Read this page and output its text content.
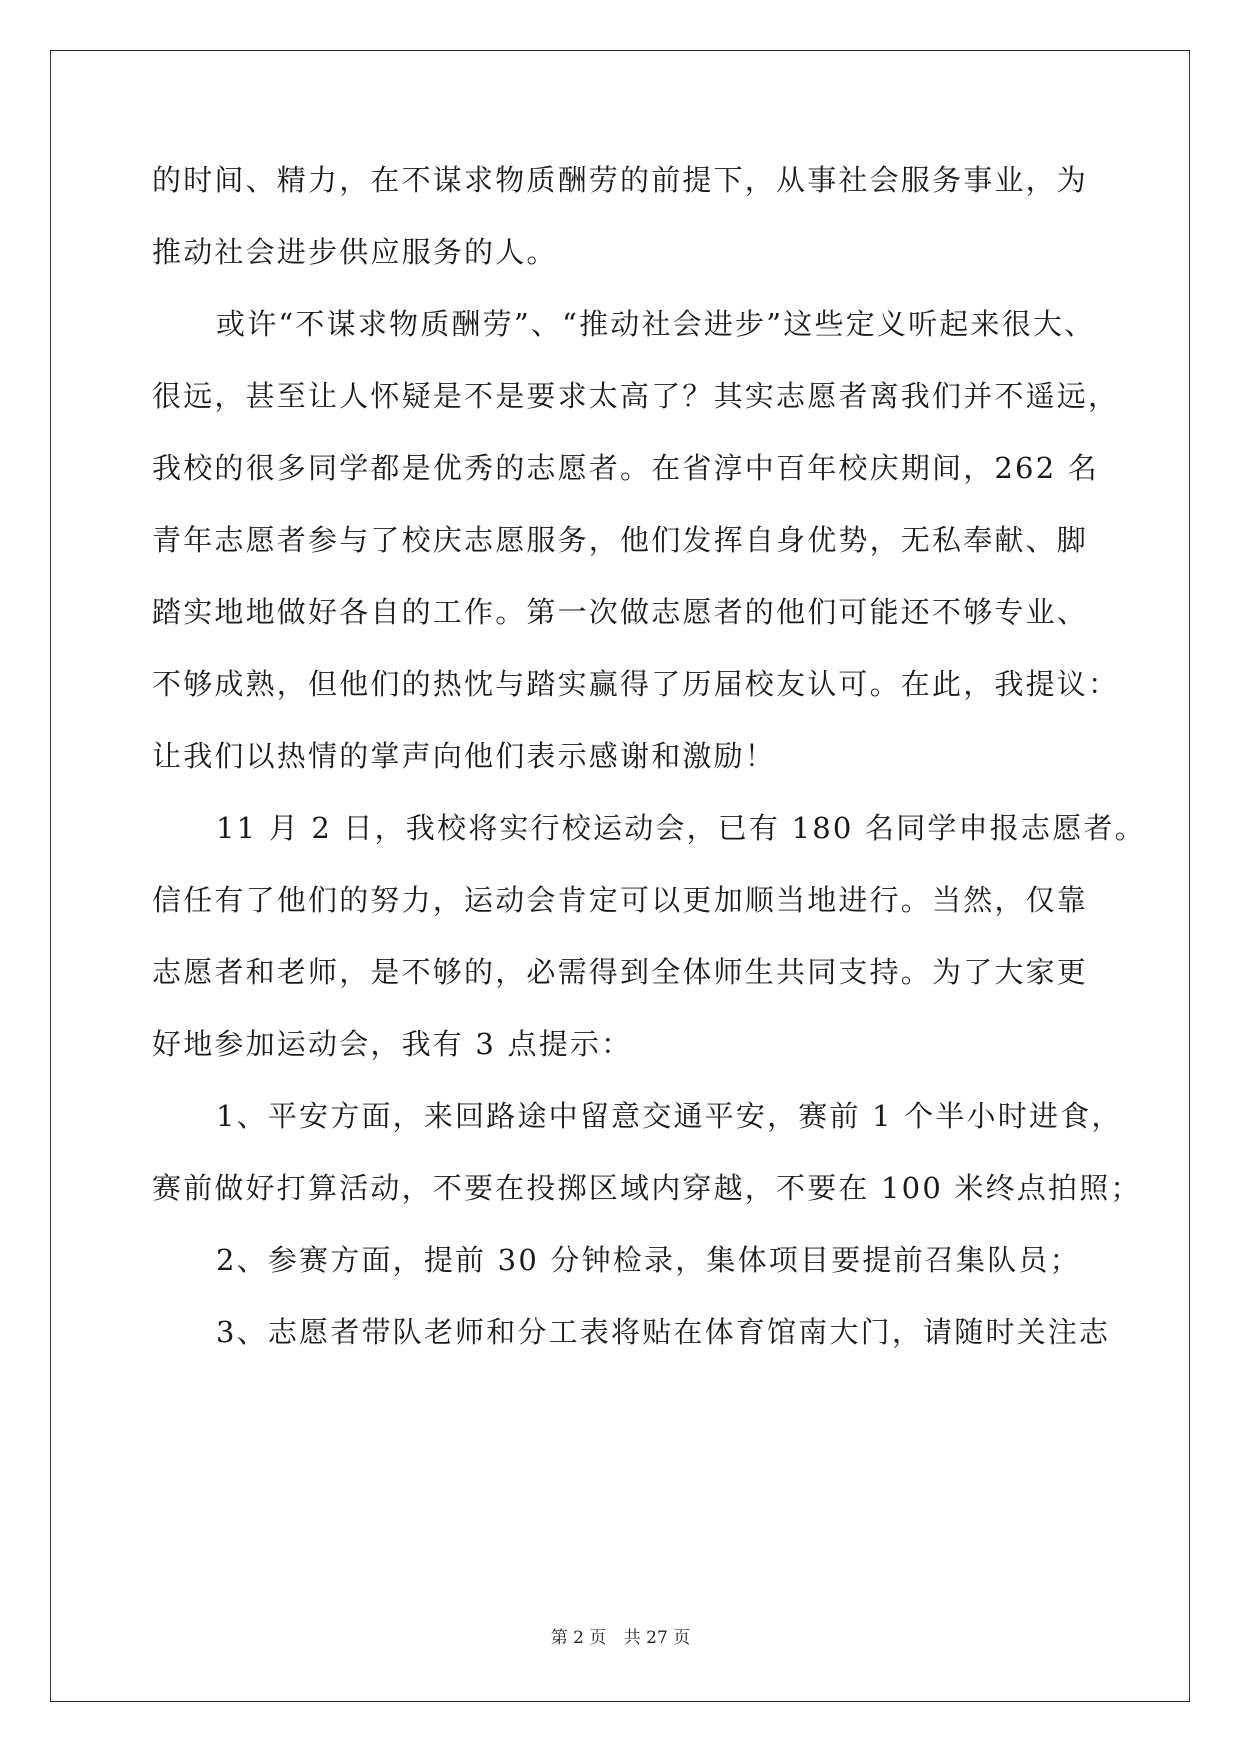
的时间、精力，在不谋求物质酬劳的前提下，从事社会服务事业，为
推动社会进步供应服务的人。
或许“不谋求物质酬劳”、“推动社会进步”这些定义听起来很大、
很远，甚至让人怀疑是不是要求太高了？其实志愿者离我们并不遥远，
我校的很多同学都是优秀的志愿者。在省淳中百年校庆期间，262 名
青年志愿者参与了校庆志愿服务，他们发挥自身优势，无私奉献、脚
踏实地地做好各自的工作。第一次做志愿者的他们可能还不够专业、
不够成熟，但他们的热忱与踏实赢得了历届校友认可。在此，我提议：
让我们以热情的掌声向他们表示感谢和激励！
11 月 2 日，我校将实行校运动会，已有 180 名同学申报志愿者。
信任有了他们的努力，运动会肯定可以更加顺当地进行。当然，仅靠
志愿者和老师，是不够的，必需得到全体师生共同支持。为了大家更
好地参加运动会，我有 3 点提示：
1、平安方面，来回路途中留意交通平安，赛前 1 个半小时进食，
赛前做好打算活动，不要在投掷区域内穿越，不要在 100 米终点拍照；
2、参赛方面，提前 30 分钟检录，集体项目要提前召集队员；
3、志愿者带队老师和分工表将贴在体育馆南大门，请随时关注志
第 2 页 共 27 页
